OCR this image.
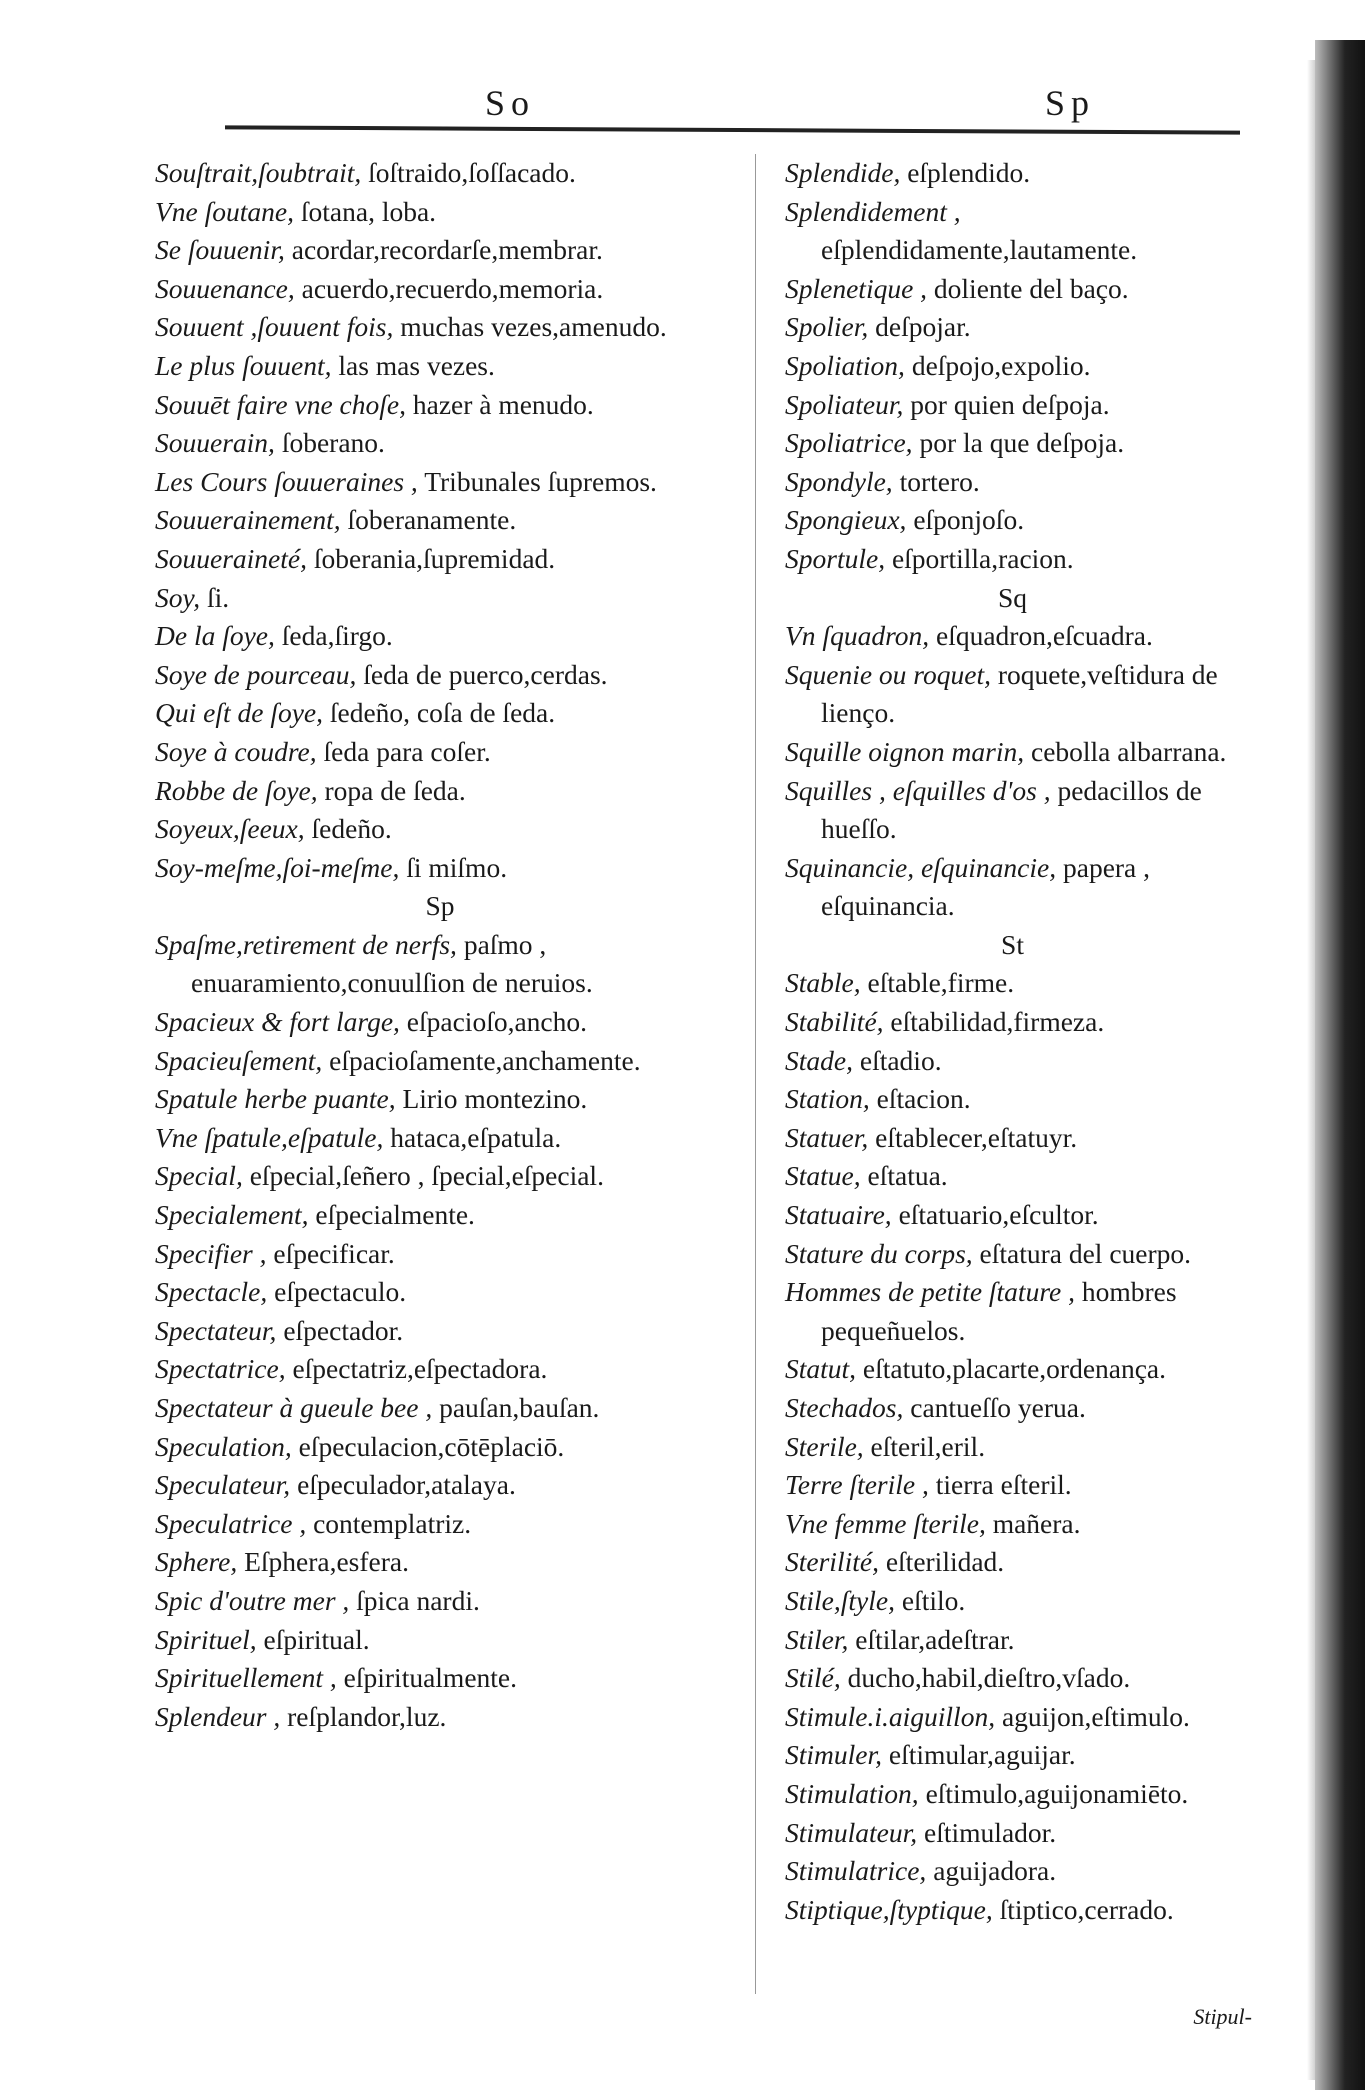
So	Sp

Souſtrait,ſoubtrait, ſoſtraido,ſoſſacado.

Vne ſoutane, ſotana, loba.

Se ſouuenir, acordar,recordarſe,membrar.

Souuenance, acuerdo,recuerdo,memoria.

Souuent ,ſouuent fois, muchas vezes,amenudo.

Le plus ſouuent, las mas vezes.

Souuēt faire vne choſe, hazer à menudo.

Souuerain, ſoberano.

Les Cours ſouueraines , Tribunales ſupremos.

Souuerainement, ſoberanamente.

Souueraineté, ſoberania,ſupremidad.

Soy, ſi.

De la ſoye, ſeda,ſirgo.

Soye de pourceau, ſeda de puerco,cerdas.

Qui eſt de ſoye, ſedeño, coſa de ſeda.

Soye à coudre, ſeda para coſer.

Robbe de ſoye, ropa de ſeda.

Soyeux,ſeeux, ſedeño.

Soy-meſme,ſoi-meſme, ſi miſmo.

Sp

Spaſme,retirement de nerfs, paſmo , enuaramiento,conuulſion de neruios.

Spacieux & fort large, eſpacioſo,ancho.

Spacieuſement, eſpacioſamente,anchamente.

Spatule herbe puante, Lirio montezino.

Vne ſpatule,eſpatule, hataca,eſpatula.

Special, eſpecial,ſeñero , ſpecial,eſpecial.

Specialement, eſpecialmente.

Specifier , eſpecificar.

Spectacle, eſpectaculo.

Spectateur, eſpectador.

Spectatrice, eſpectatriz,eſpectadora.

Spectateur à gueule bee , pauſan,bauſan.

Speculation, eſpeculacion,cōtēplaciō.

Speculateur, eſpeculador,atalaya.

Speculatrice , contemplatriz.

Sphere, Eſphera,esfera.

Spic d'outre mer , ſpica nardi.

Spirituel, eſpiritual.

Spirituellement , eſpiritualmente.

Splendeur , reſplandor,luz.

Splendide, eſplendido.

Splendidement , eſplendidamente,lautamente.

Splenetique , doliente del baço.

Spolier, deſpojar.

Spoliation, deſpojo,expolio.

Spoliateur, por quien deſpoja.

Spoliatrice, por la que deſpoja.

Spondyle, tortero.

Spongieux, eſponjoſo.

Sportule, eſportilla,racion.

Sq

Vn ſquadron, eſquadron,eſcuadra.

Squenie ou roquet, roquete,veſtidura de lienço.

Squille oignon marin, cebolla albarrana.

Squilles , eſquilles d'os , pedacillos de hueſſo.

Squinancie, eſquinancie, papera , eſquinancia.

St

Stable, eſtable,firme.

Stabilité, eſtabilidad,firmeza.

Stade, eſtadio.

Station, eſtacion.

Statuer, eſtablecer,eſtatuyr.

Statue, eſtatua.

Statuaire, eſtatuario,eſcultor.

Stature du corps, eſtatura del cuerpo.

Hommes de petite ſtature , hombres pequeñuelos.

Statut, eſtatuto,placarte,ordenança.

Stechados, cantueſſo yerua.

Sterile, eſteril,eril.

Terre ſterile , tierra eſteril.

Vne femme ſterile, mañera.

Sterilité, eſterilidad.

Stile,ſtyle, eſtilo.

Stiler, eſtilar,adeſtrar.

Stilé, ducho,habil,dieſtro,vſado.

Stimule.i.aiguillon, aguijon,eſtimulo.

Stimuler, eſtimular,aguijar.

Stimulation, eſtimulo,aguijonamiēto.

Stimulateur, eſtimulador.

Stimulatrice, aguijadora.

Stiptique,ſtyptique, ſtiptico,cerrado.

Stipul-
